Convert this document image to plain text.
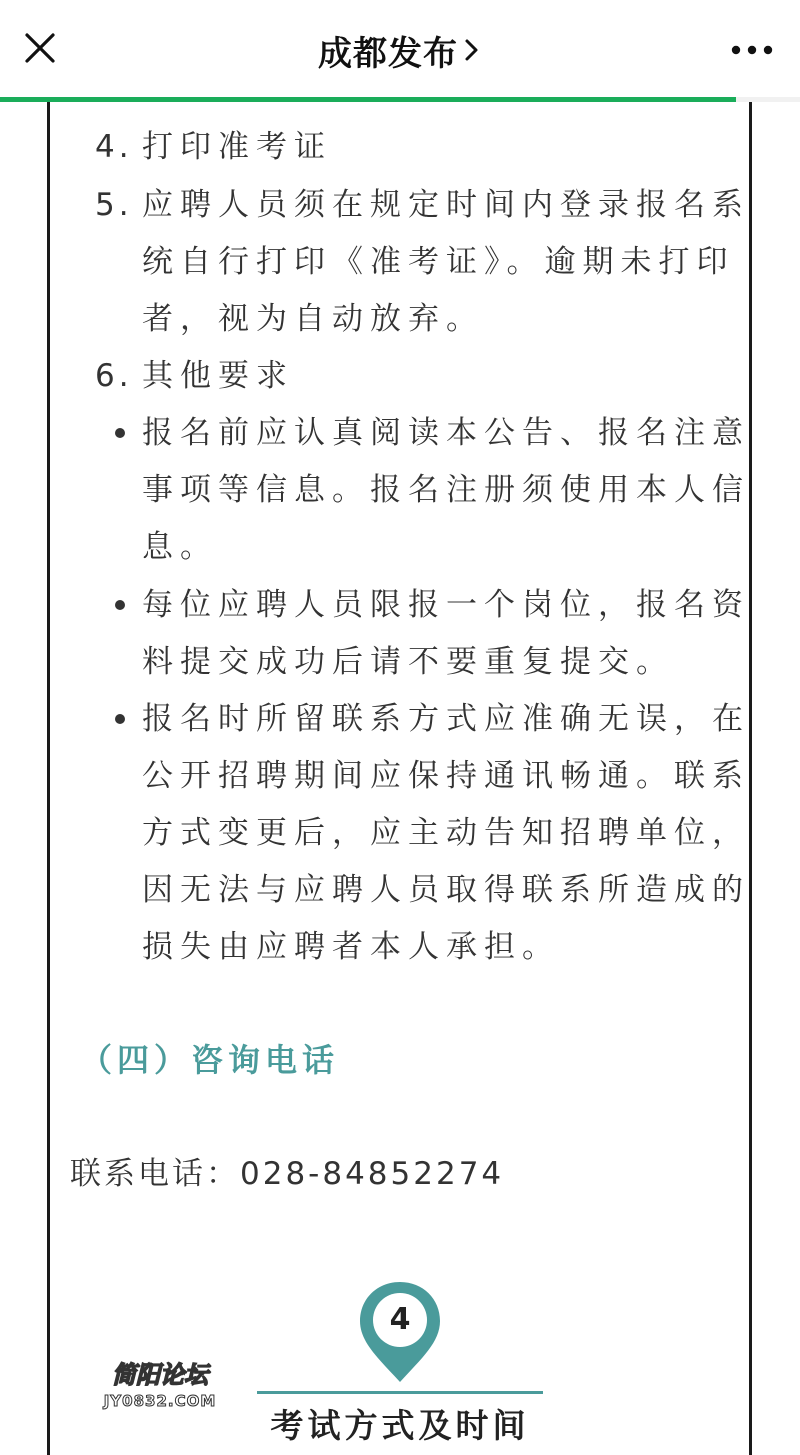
成都发布
4. 打印准考证
5. 应聘人员须在规定时间内登录报名系
统自行打印《准考证》。逾期未打印
者，视为自动放弃。
6. 其他要求
报名前应认真阅读本公告、报名注意
事项等信息。报名注册须使用本人信
息。
每位应聘人员限报一个岗位，报名资
料提交成功后请不要重复提交。
报名时所留联系方式应准确无误，在
公开招聘期间应保持通讯畅通。联系
方式变更后，应主动告知招聘单位，
因无法与应聘人员取得联系所造成的
损失由应聘者本人承担。
（四）咨询电话
联系电话：028-84852274
4
考试方式及时间
简阳论坛
JY0832.COM
